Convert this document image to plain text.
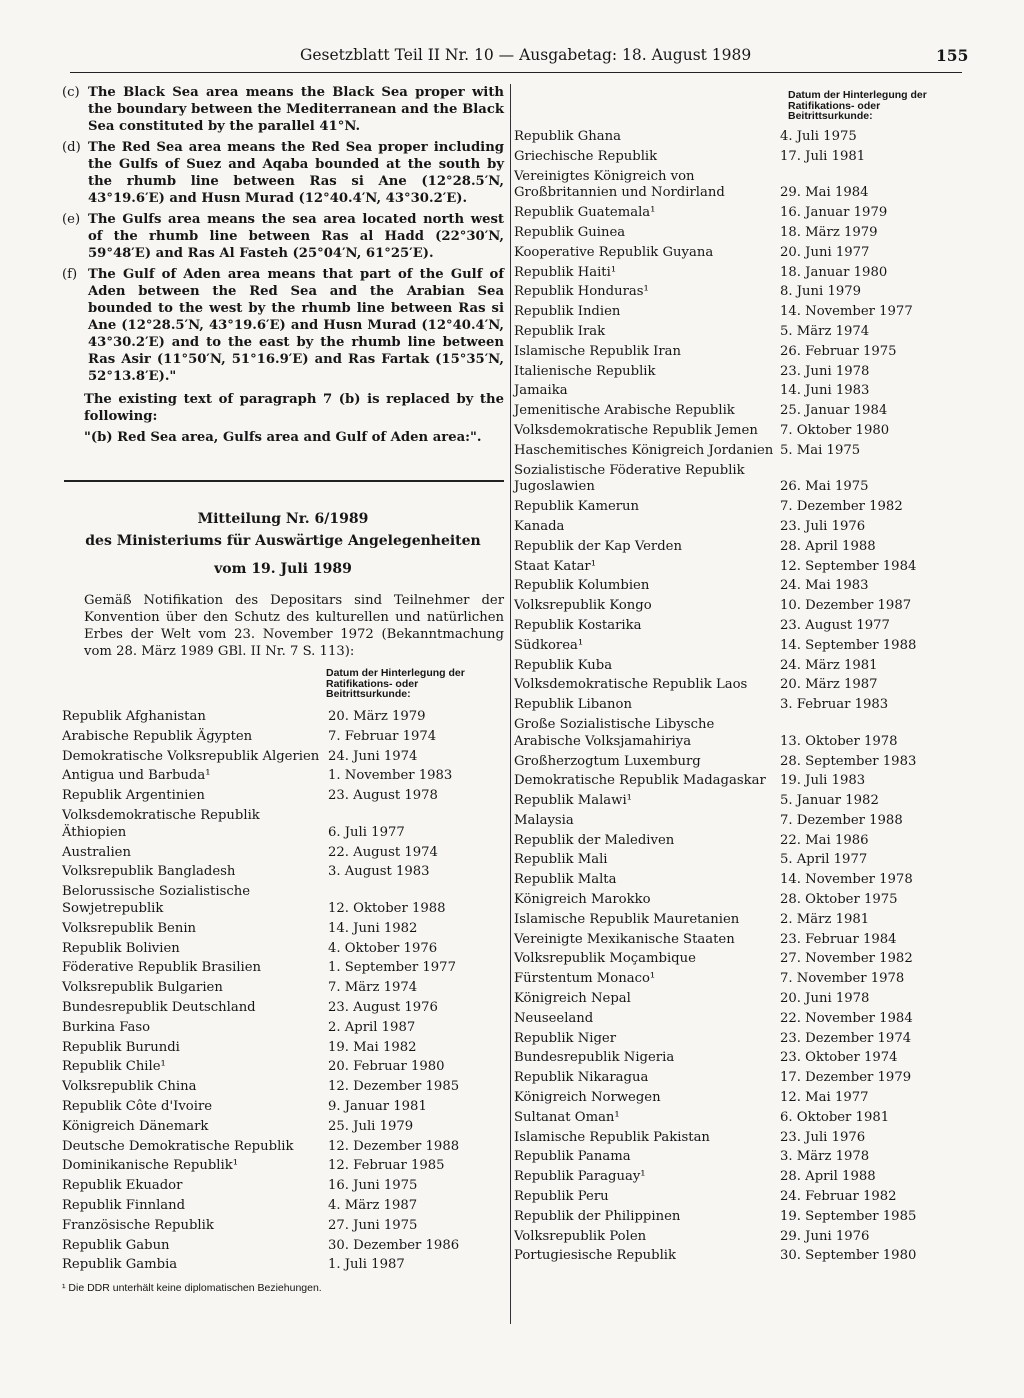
Gesetzblatt Teil II Nr. 10 — Ausgabetag: 18. August 1989	155
(c) The Black Sea area means the Black Sea proper with the boundary between the Mediterranean and the Black Sea constituted by the parallel 41°N.
(d) The Red Sea area means the Red Sea proper including the Gulfs of Suez and Aqaba bounded at the south by the rhumb line between Ras si Ane (12°28.5′N, 43°19.6′E) and Husn Murad (12°40.4′N, 43°30.2′E).
(e) The Gulfs area means the sea area located north west of the rhumb line between Ras al Hadd (22°30′N, 59°48′E) and Ras Al Fasteh (25°04′N, 61°25′E).
(f) The Gulf of Aden area means that part of the Gulf of Aden between the Red Sea and the Arabian Sea bounded to the west by the rhumb line between Ras si Ane (12°28.5′N, 43°19.6′E) and Husn Murad (12°40.4′N, 43°30.2′E) and to the east by the rhumb line between Ras Asir (11°50′N, 51°16.9′E) and Ras Fartak (15°35′N, 52°13.8′E)."
The existing text of paragraph 7 (b) is replaced by the following:
"(b) Red Sea area, Gulfs area and Gulf of Aden area:".
Mitteilung Nr. 6/1989
des Ministeriums für Auswärtige Angelegenheiten
vom 19. Juli 1989
Gemäß Notifikation des Depositars sind Teilnehmer der Konvention über den Schutz des kulturellen und natürlichen Erbes der Welt vom 23. November 1972 (Bekanntmachung vom 28. März 1989 GBl. II Nr. 7 S. 113):
Datum der Hinterlegung der Ratifikations- oder Beitrittsurkunde:
Republik Afghanistan	20. März 1979
Arabische Republik Ägypten	7. Februar 1974
Demokratische Volksrepublik Algerien 24. Juni 1974
Antigua und Barbuda¹	1. November 1983
Republik Argentinien	23. August 1978
Volksdemokratische Republik Äthiopien	6. Juli 1977
Australien	22. August 1974
Volksrepublik Bangladesh	3. August 1983
Belorussische Sozialistische Sowjetrepublik	12. Oktober 1988
Volksrepublik Benin	14. Juni 1982
Republik Bolivien	4. Oktober 1976
Föderative Republik Brasilien	1. September 1977
Volksrepublik Bulgarien	7. März 1974
Bundesrepublik Deutschland	23. August 1976
Burkina Faso	2. April 1987
Republik Burundi	19. Mai 1982
Republik Chile¹	20. Februar 1980
Volksrepublik China	12. Dezember 1985
Republik Côte d'Ivoire	9. Januar 1981
Königreich Dänemark	25. Juli 1979
Deutsche Demokratische Republik	12. Dezember 1988
Dominikanische Republik¹	12. Februar 1985
Republik Ekuador	16. Juni 1975
Republik Finnland	4. März 1987
Französische Republik	27. Juni 1975
Republik Gabun	30. Dezember 1986
Republik Gambia	1. Juli 1987
¹ Die DDR unterhält keine diplomatischen Beziehungen.
Datum der Hinterlegung der Ratifikations- oder Beitrittsurkunde:
Republik Ghana	4. Juli 1975
Griechische Republik	17. Juli 1981
Vereinigtes Königreich von Großbritannien und Nordirland	29. Mai 1984
Republik Guatemala¹	16. Januar 1979
Republik Guinea	18. März 1979
Kooperative Republik Guyana	20. Juni 1977
Republik Haiti¹	18. Januar 1980
Republik Honduras¹	8. Juni 1979
Republik Indien	14. November 1977
Republik Irak	5. März 1974
Islamische Republik Iran	26. Februar 1975
Italienische Republik	23. Juni 1978
Jamaika	14. Juni 1983
Jemenitische Arabische Republik	25. Januar 1984
Volksdemokratische Republik Jemen	7. Oktober 1980
Haschemitisches Königreich Jordanien 5. Mai 1975
Sozialistische Föderative Republik Jugoslawien	26. Mai 1975
Republik Kamerun	7. Dezember 1982
Kanada	23. Juli 1976
Republik der Kap Verden	28. April 1988
Staat Katar¹	12. September 1984
Republik Kolumbien	24. Mai 1983
Volksrepublik Kongo	10. Dezember 1987
Republik Kostarika	23. August 1977
Südkorea¹	14. September 1988
Republik Kuba	24. März 1981
Volksdemokratische Republik Laos	20. März 1987
Republik Libanon	3. Februar 1983
Große Sozialistische Libysche Arabische Volksjamahiriya	13. Oktober 1978
Großherzogtum Luxemburg	28. September 1983
Demokratische Republik Madagaskar	19. Juli 1983
Republik Malawi¹	5. Januar 1982
Malaysia	7. Dezember 1988
Republik der Malediven	22. Mai 1986
Republik Mali	5. April 1977
Republik Malta	14. November 1978
Königreich Marokko	28. Oktober 1975
Islamische Republik Mauretanien	2. März 1981
Vereinigte Mexikanische Staaten	23. Februar 1984
Volksrepublik Moçambique	27. November 1982
Fürstentum Monaco¹	7. November 1978
Königreich Nepal	20. Juni 1978
Neuseeland	22. November 1984
Republik Niger	23. Dezember 1974
Bundesrepublik Nigeria	23. Oktober 1974
Republik Nikaragua	17. Dezember 1979
Königreich Norwegen	12. Mai 1977
Sultanat Oman¹	6. Oktober 1981
Islamische Republik Pakistan	23. Juli 1976
Republik Panama	3. März 1978
Republik Paraguay¹	28. April 1988
Republik Peru	24. Februar 1982
Republik der Philippinen	19. September 1985
Volksrepublik Polen	29. Juni 1976
Portugiesische Republik	30. September 1980
